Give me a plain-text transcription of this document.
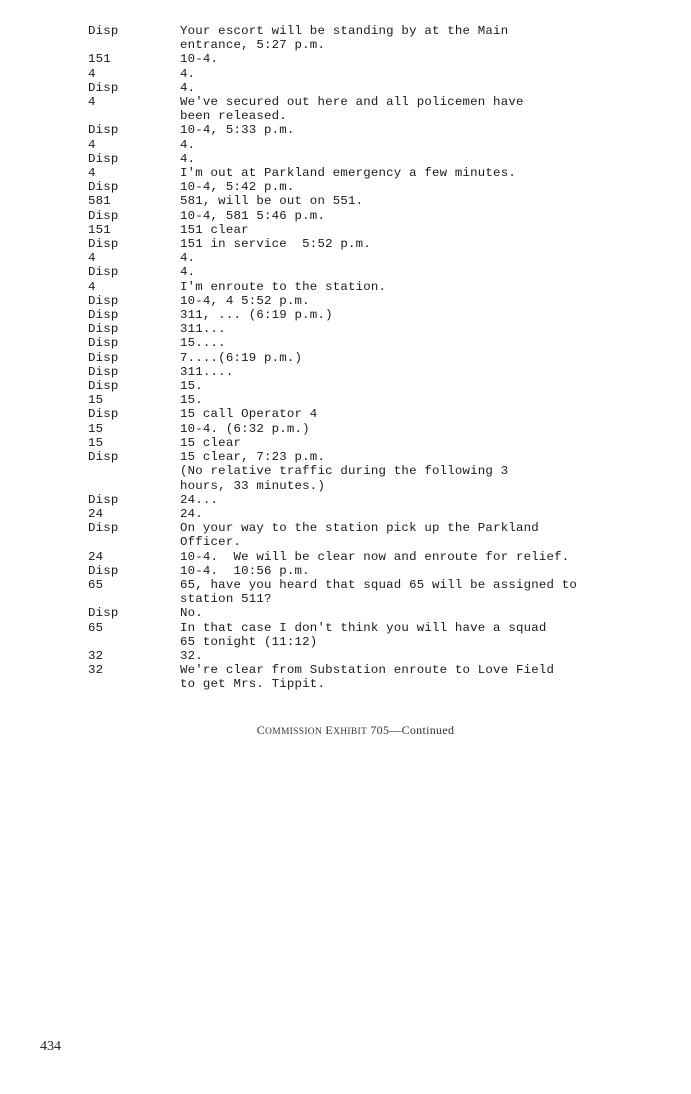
Disp	Your escort will be standing by at the Main
entrance, 5:27 p.m.
151	10-4.
4	4.
Disp	4.
4	We've secured out here and all policemen have
been released.
Disp	10-4, 5:33 p.m.
4	4.
Disp	4.
4	I'm out at Parkland emergency a few minutes.
Disp	10-4, 5:42 p.m.
581	581, will be out on 551.
Disp	10-4, 581 5:46 p.m.
151	151 clear
Disp	151 in service  5:52 p.m.
4	4.
Disp	4.
4	I'm enroute to the station.
Disp	10-4, 4 5:52 p.m.
Disp	311, ... (6:19 p.m.)
Disp	311...
Disp	15....
Disp	7....(6:19 p.m.)
Disp	311....
Disp	15.
15	15.
Disp	15 call Operator 4
15	10-4. (6:32 p.m.)
15	15 clear
Disp	15 clear, 7:23 p.m.
(No relative traffic during the following 3
hours, 33 minutes.)
Disp	24...
24	24.
Disp	On your way to the station pick up the Parkland
Officer.
24	10-4.  We will be clear now and enroute for relief.
Disp	10-4.  10:56 p.m.
65	65, have you heard that squad 65 will be assigned to
station 511?
Disp	No.
65	In that case I don't think you will have a squad
65 tonight (11:12)
32	32.
32	We're clear from Substation enroute to Love Field
to get Mrs. Tippit.
COMMISSION EXHIBIT 705—Continued
434
